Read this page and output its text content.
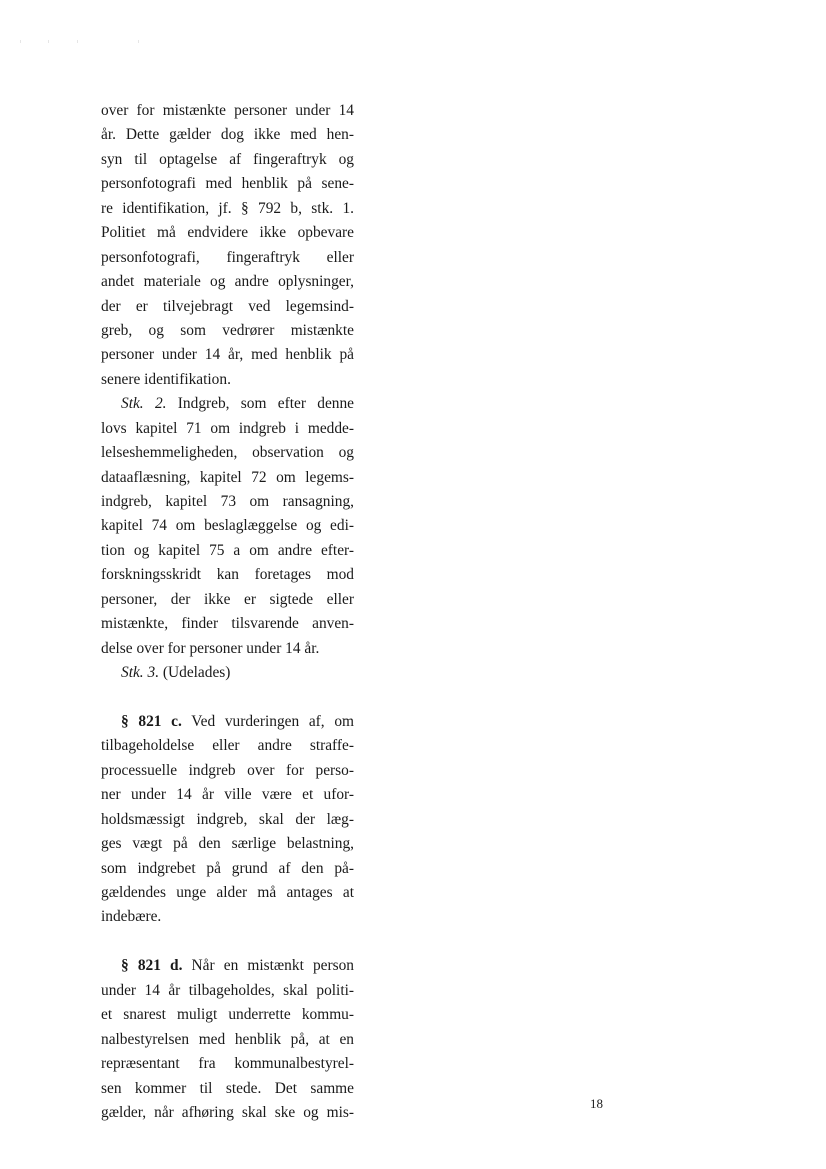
over for mistænkte personer under 14
år. Dette gælder dog ikke med hen-
syn til optagelse af fingeraftryk og
personfotografi med henblik på sene-
re identifikation, jf. § 792 b, stk. 1.
Politiet må endvidere ikke opbevare
personfotografi, fingeraftryk eller
andet materiale og andre oplysninger,
der er tilvejebragt ved legemsind-
greb, og som vedrører mistænkte
personer under 14 år, med henblik på
senere identifikation.
Stk. 2. Indgreb, som efter denne
lovs kapitel 71 om indgreb i medde-
lelseshemmeligheden, observation og
dataaflæsning, kapitel 72 om legems-
indgreb, kapitel 73 om ransagning,
kapitel 74 om beslaglæggelse og edi-
tion og kapitel 75 a om andre efter-
forskningsskridt kan foretages mod
personer, der ikke er sigtede eller
mistænkte, finder tilsvarende anven-
delse over for personer under 14 år.
Stk. 3. (Udelades)
§ 821 c. Ved vurderingen af, om
tilbageholdelse eller andre straffe-
processuelle indgreb over for perso-
ner under 14 år ville være et ufor-
holdsmæssigt indgreb, skal der læg-
ges vægt på den særlige belastning,
som indgrebet på grund af den på-
gældendes unge alder må antages at
indebære.
§ 821 d. Når en mistænkt person
under 14 år tilbageholdes, skal politi-
et snarest muligt underrette kommu-
nalbestyrelsen med henblik på, at en
repræsentant fra kommunalbestyrel-
sen kommer til stede. Det samme
gælder, når afhøring skal ske og mis-
18
